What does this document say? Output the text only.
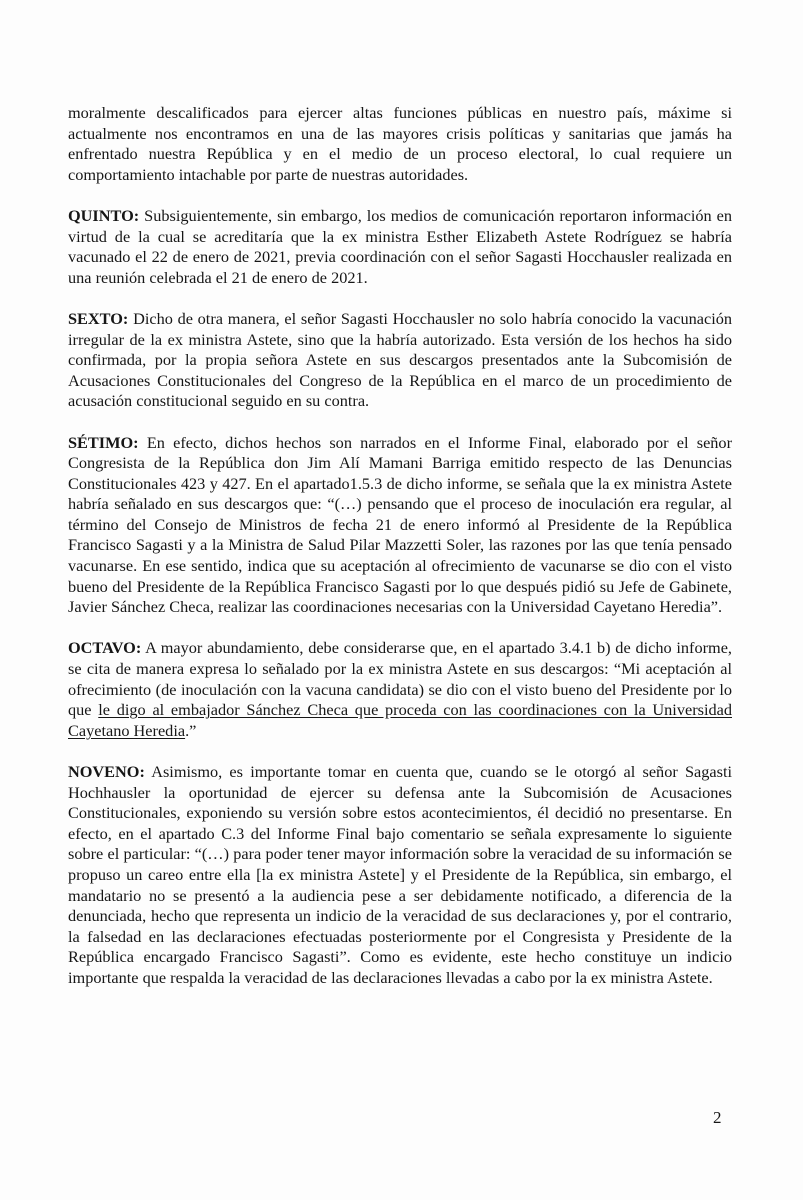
moralmente descalificados para ejercer altas funciones públicas en nuestro país, máxime si actualmente nos encontramos en una de las mayores crisis políticas y sanitarias que jamás ha enfrentado nuestra República y en el medio de un proceso electoral, lo cual requiere un comportamiento intachable por parte de nuestras autoridades.

QUINTO: Subsiguientemente, sin embargo, los medios de comunicación reportaron información en virtud de la cual se acreditaría que la ex ministra Esther Elizabeth Astete Rodríguez se habría vacunado el 22 de enero de 2021, previa coordinación con el señor Sagasti Hocchausler realizada en una reunión celebrada el 21 de enero de 2021.

SEXTO: Dicho de otra manera, el señor Sagasti Hocchausler no solo habría conocido la vacunación irregular de la ex ministra Astete, sino que la habría autorizado. Esta versión de los hechos ha sido confirmada, por la propia señora Astete en sus descargos presentados ante la Subcomisión de Acusaciones Constitucionales del Congreso de la República en el marco de un procedimiento de acusación constitucional seguido en su contra.

SÉTIMO: En efecto, dichos hechos son narrados en el Informe Final, elaborado por el señor Congresista de la República don Jim Alí Mamani Barriga emitido respecto de las Denuncias Constitucionales 423 y 427. En el apartado1.5.3 de dicho informe, se señala que la ex ministra Astete habría señalado en sus descargos que: “(…) pensando que el proceso de inoculación era regular, al término del Consejo de Ministros de fecha 21 de enero informó al Presidente de la República Francisco Sagasti y a la Ministra de Salud Pilar Mazzetti Soler, las razones por las que tenía pensado vacunarse. En ese sentido, indica que su aceptación al ofrecimiento de vacunarse se dio con el visto bueno del Presidente de la República Francisco Sagasti por lo que después pidió su Jefe de Gabinete, Javier Sánchez Checa, realizar las coordinaciones necesarias con la Universidad Cayetano Heredia”.

OCTAVO: A mayor abundamiento, debe considerarse que, en el apartado 3.4.1 b) de dicho informe, se cita de manera expresa lo señalado por la ex ministra Astete en sus descargos: “Mi aceptación al ofrecimiento (de inoculación con la vacuna candidata) se dio con el visto bueno del Presidente por lo que le digo al embajador Sánchez Checa que proceda con las coordinaciones con la Universidad Cayetano Heredia.”

NOVENO: Asimismo, es importante tomar en cuenta que, cuando se le otorgó al señor Sagasti Hochhausler la oportunidad de ejercer su defensa ante la Subcomisión de Acusaciones Constitucionales, exponiendo su versión sobre estos acontecimientos, él decidió no presentarse. En efecto, en el apartado C.3 del Informe Final bajo comentario se señala expresamente lo siguiente sobre el particular: “(…) para poder tener mayor información sobre la veracidad de su información se propuso un careo entre ella [la ex ministra Astete] y el Presidente de la República, sin embargo, el mandatario no se presentó a la audiencia pese a ser debidamente notificado, a diferencia de la denunciada, hecho que representa un indicio de la veracidad de sus declaraciones y, por el contrario, la falsedad en las declaraciones efectuadas posteriormente por el Congresista y Presidente de la República encargado Francisco Sagasti”. Como es evidente, este hecho constituye un indicio importante que respalda la veracidad de las declaraciones llevadas a cabo por la ex ministra Astete.

2
